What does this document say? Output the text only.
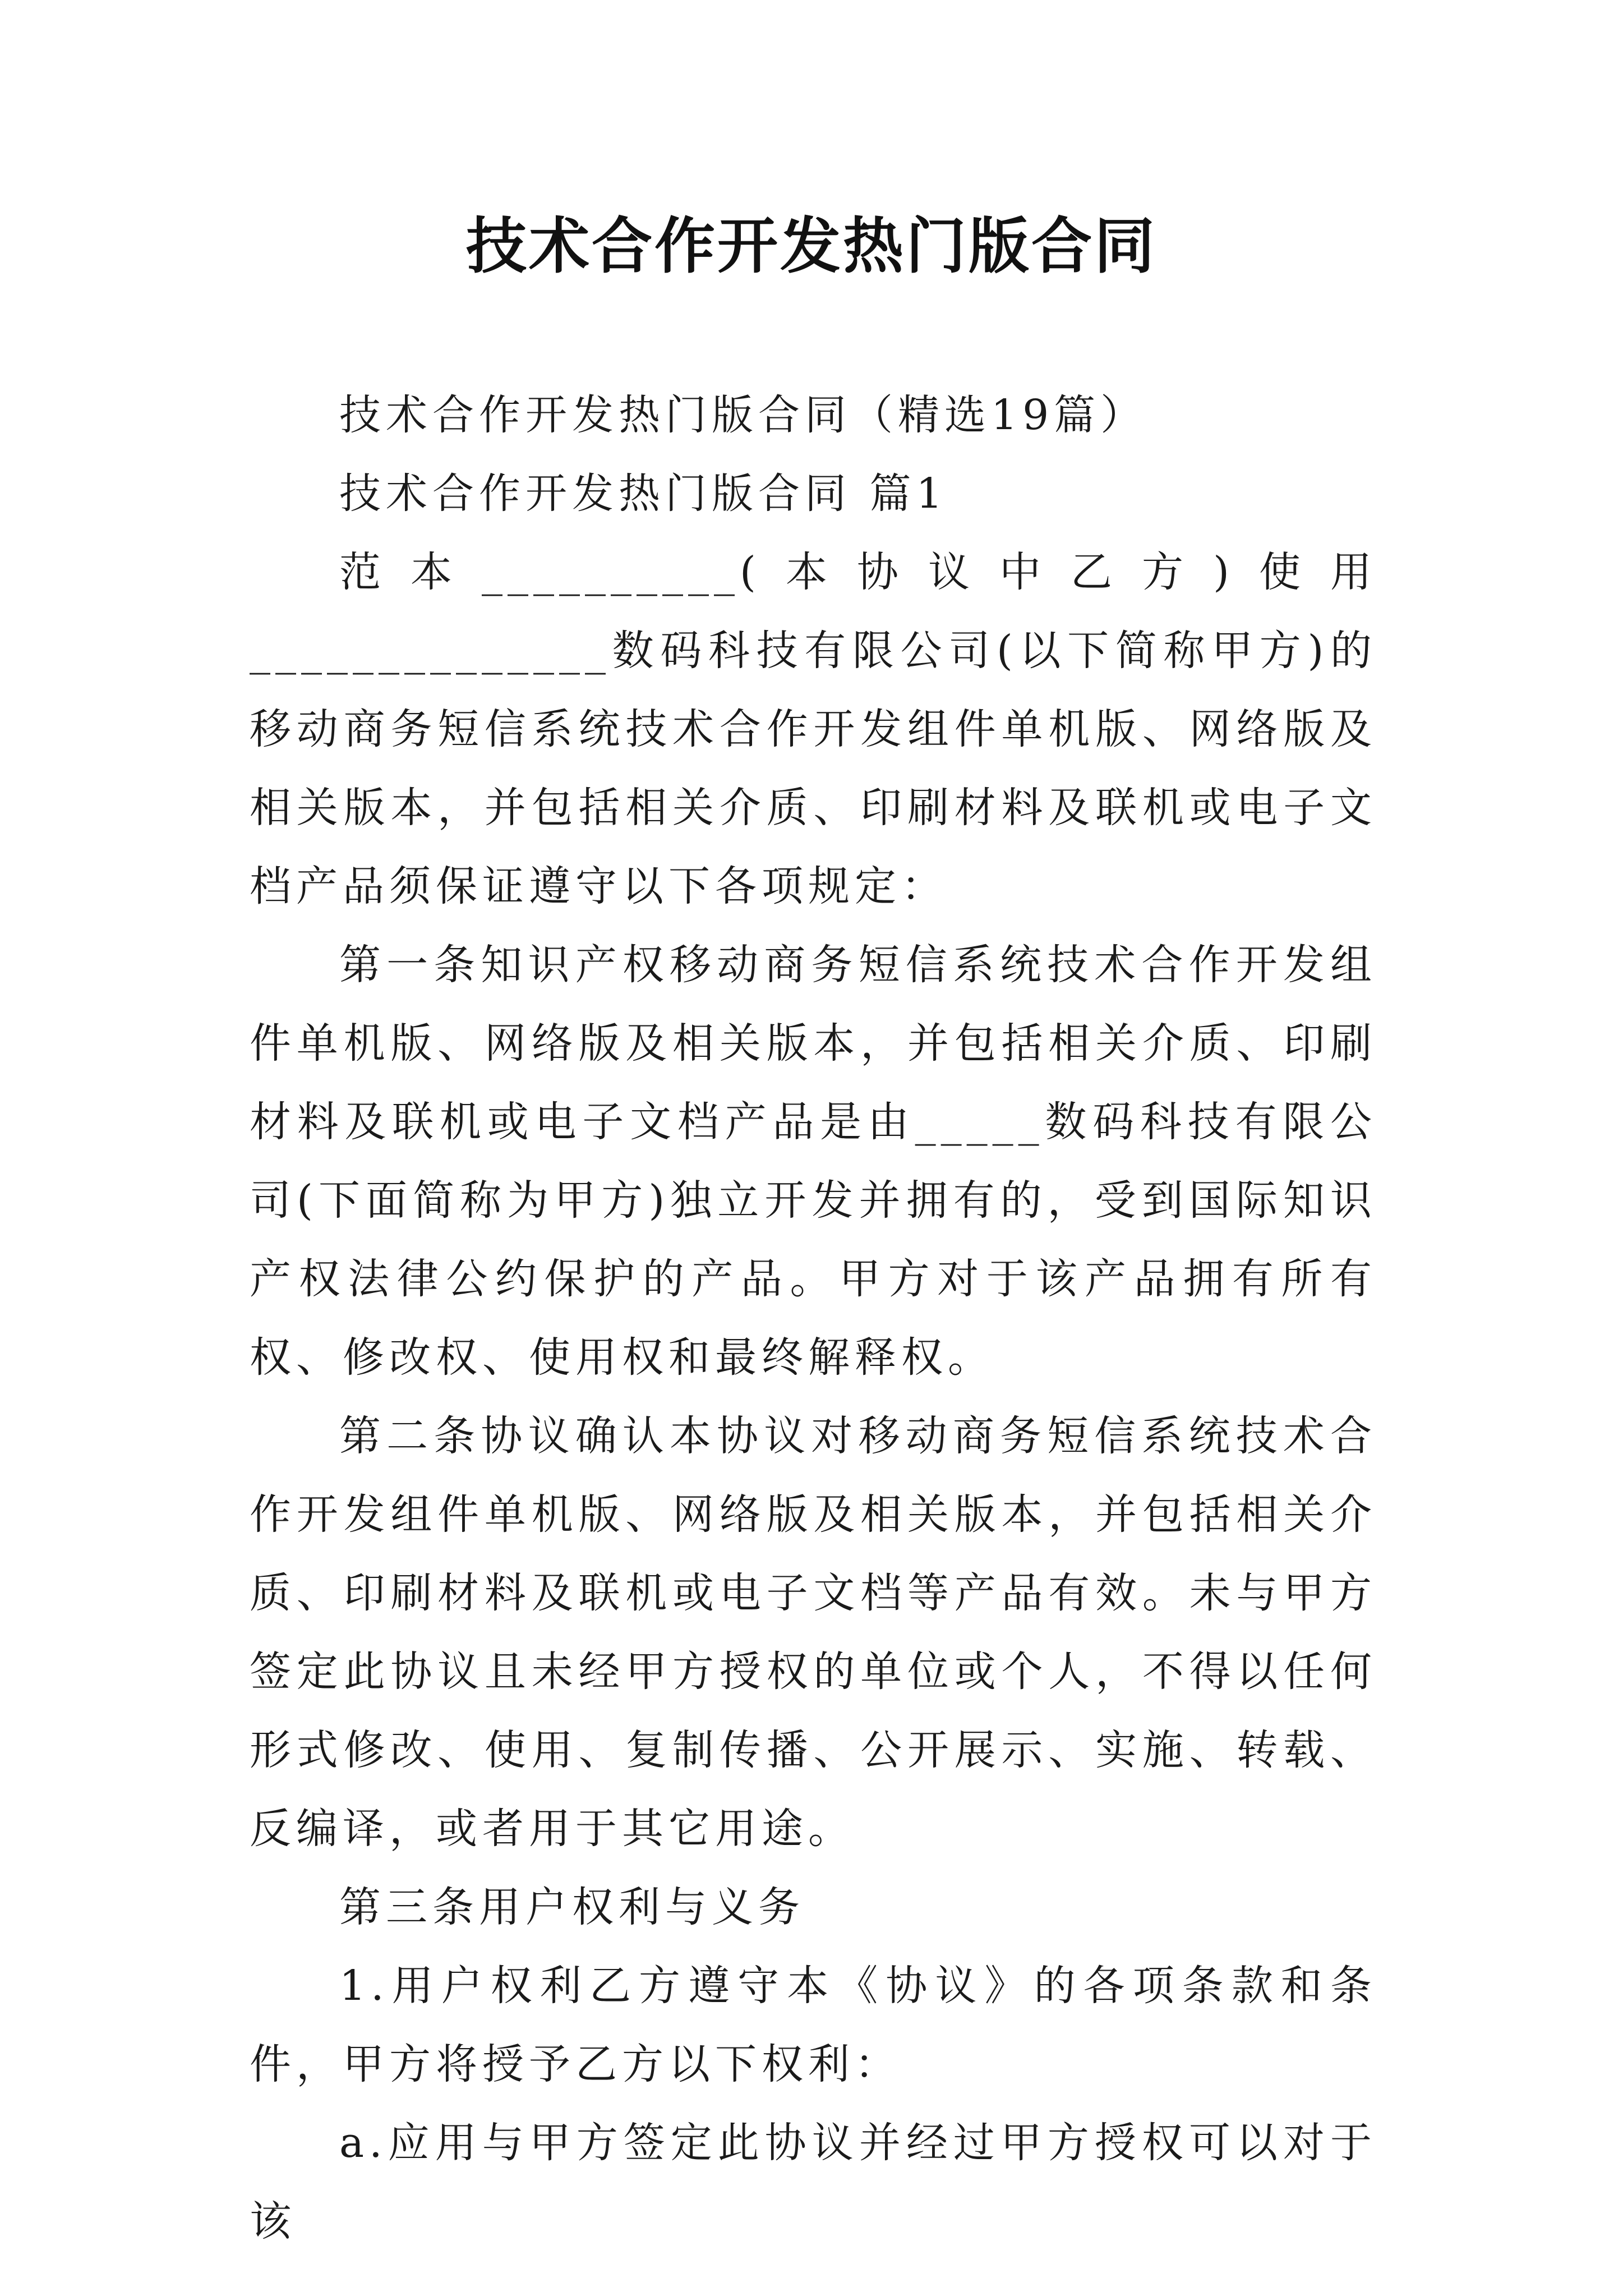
技术合作开发热门版合同

技术合作开发热门版合同（精选19篇）

技术合作开发热门版合同 篇1

范本__________(本协议中乙方)使用______________数码科技有限公司(以下简称甲方)的移动商务短信系统技术合作开发组件单机版、网络版及相关版本，并包括相关介质、印刷材料及联机或电子文档产品须保证遵守以下各项规定：

第一条知识产权移动商务短信系统技术合作开发组件单机版、网络版及相关版本，并包括相关介质、印刷材料及联机或电子文档产品是由_____数码科技有限公司(下面简称为甲方)独立开发并拥有的，受到国际知识产权法律公约保护的产品。甲方对于该产品拥有所有权、修改权、使用权和最终解释权。

第二条协议确认本协议对移动商务短信系统技术合作开发组件单机版、网络版及相关版本，并包括相关介质、印刷材料及联机或电子文档等产品有效。未与甲方签定此协议且未经甲方授权的单位或个人，不得以任何形式修改、使用、复制传播、公开展示、实施、转载、反编译，或者用于其它用途。

第三条用户权利与义务

1.用户权利乙方遵守本《协议》的各项条款和条件，甲方将授予乙方以下权利：

a.应用与甲方签定此协议并经过甲方授权可以对于该
